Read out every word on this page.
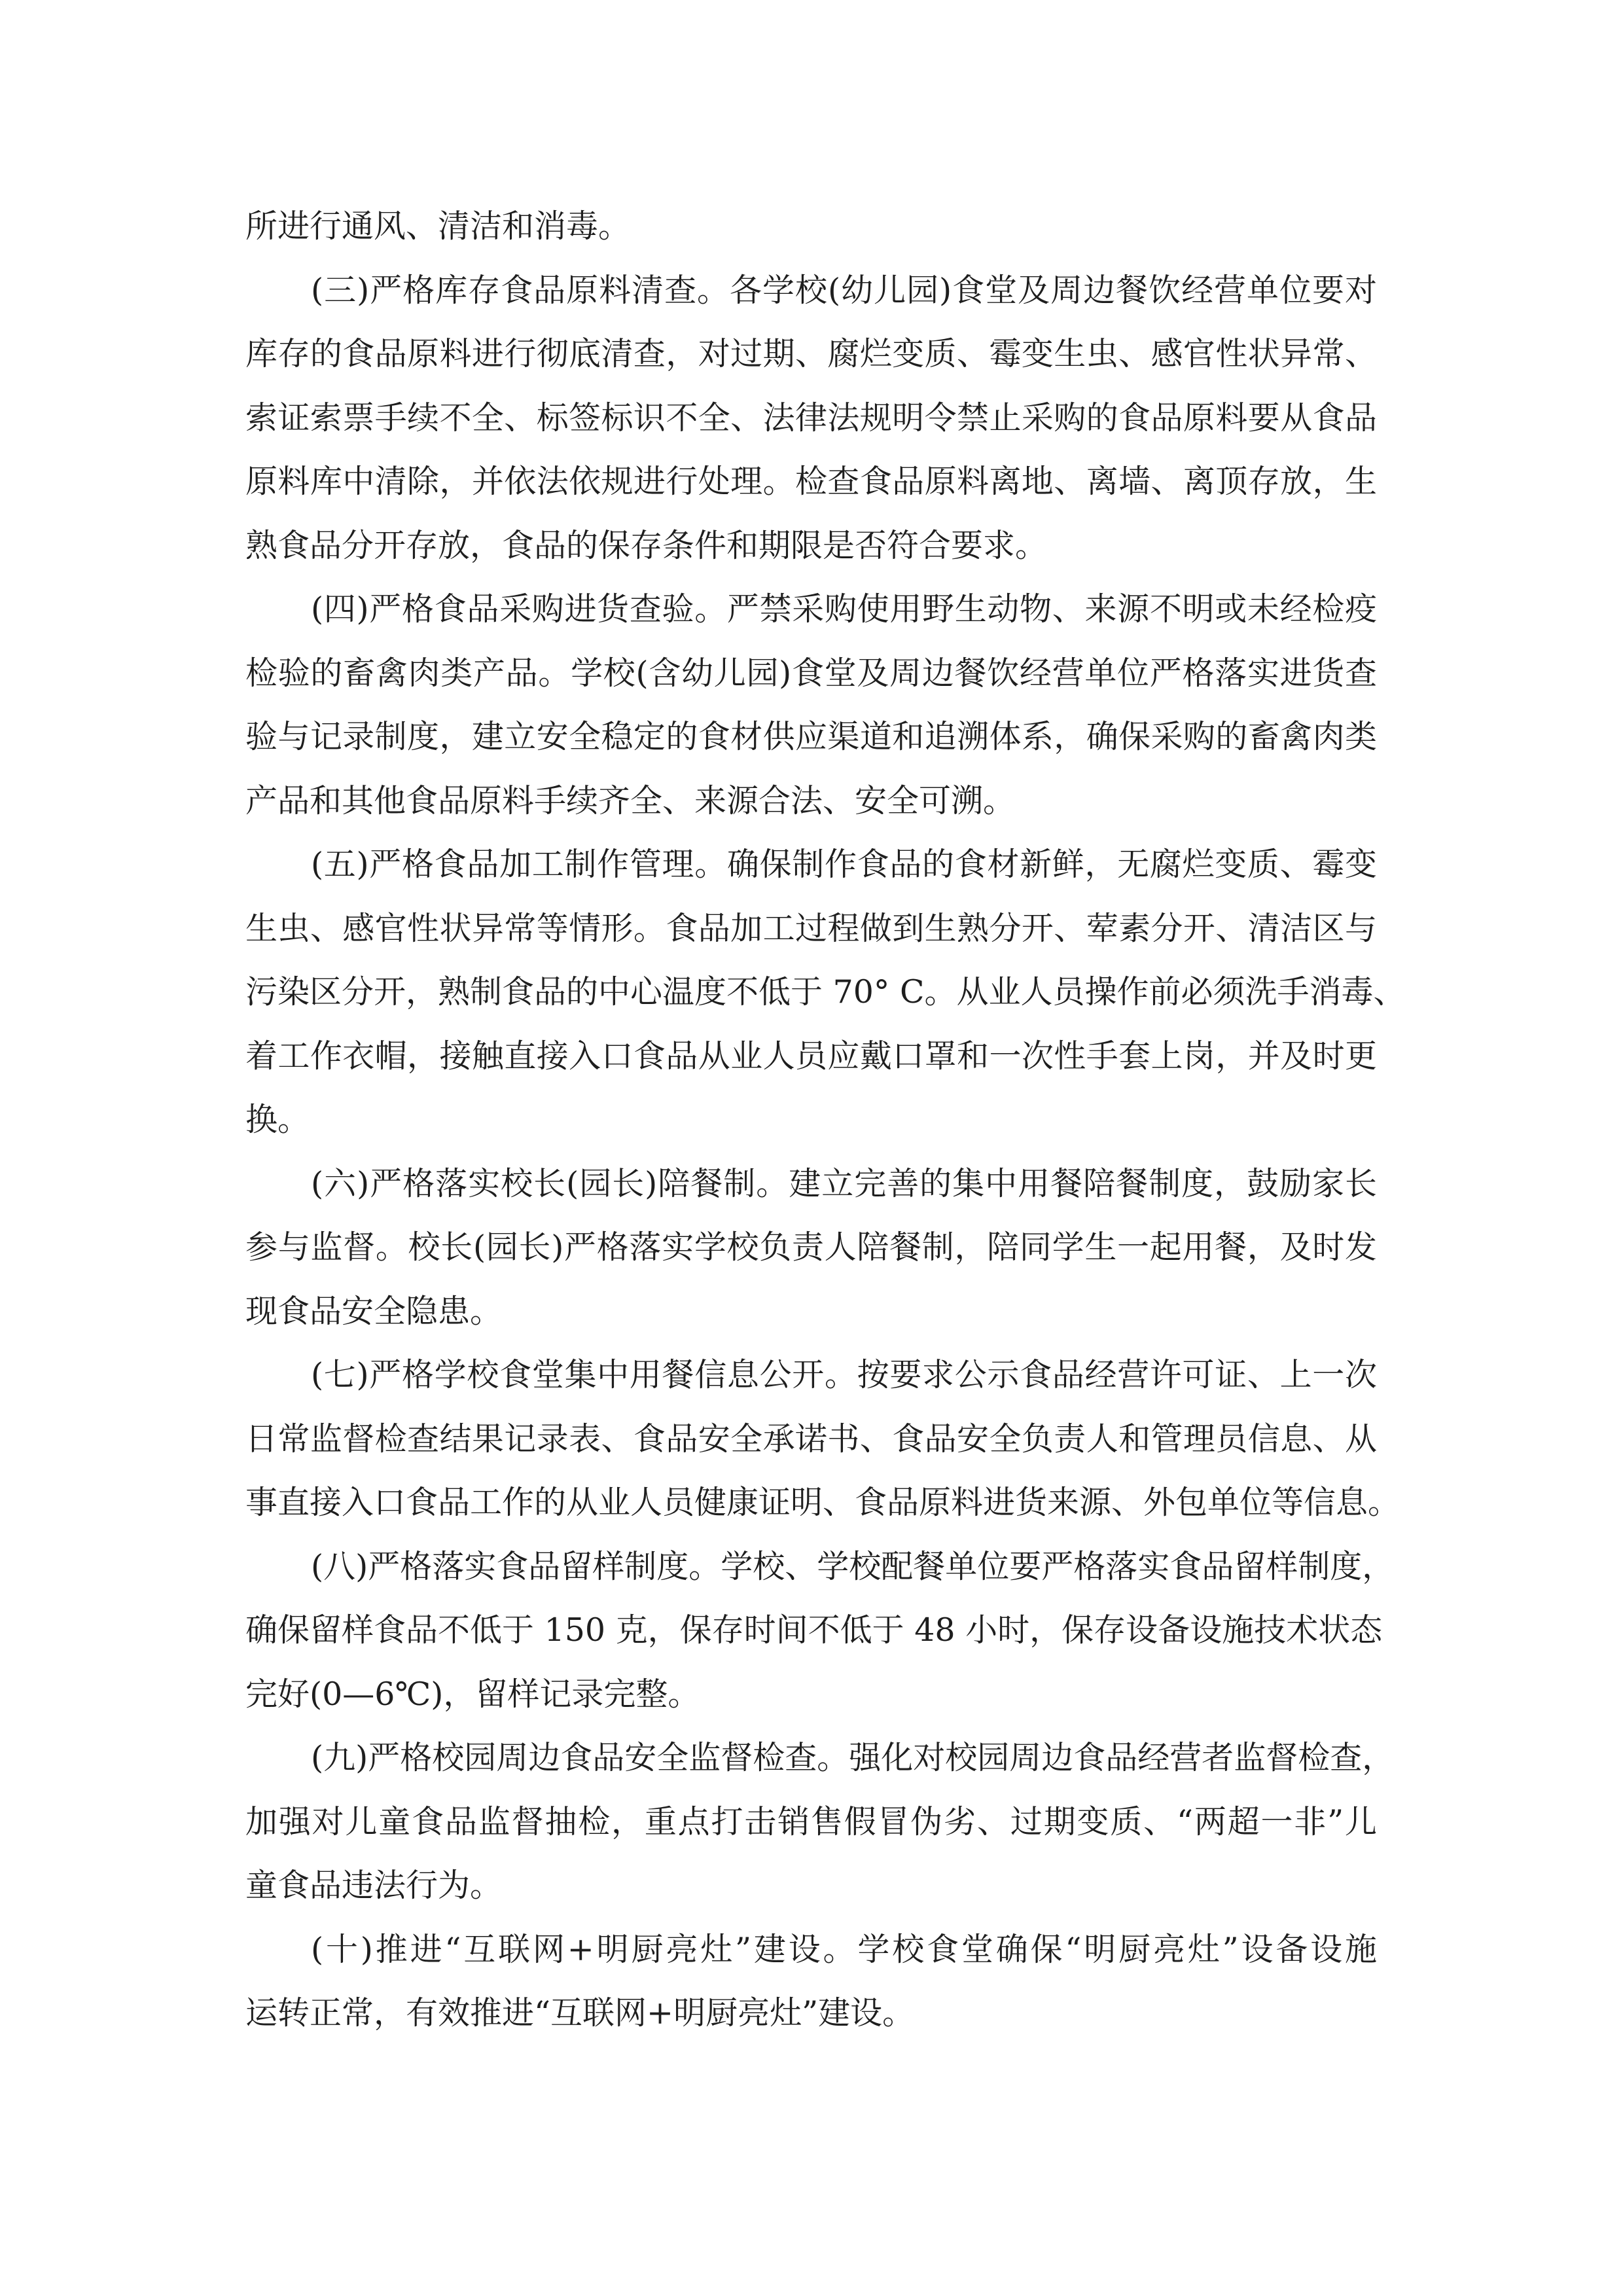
所进行通风、清洁和消毒。
(三)严格库存食品原料清查。各学校(幼儿园)食堂及周边餐饮经营单位要对
库存的食品原料进行彻底清查，对过期、腐烂变质、霉变生虫、感官性状异常、
索证索票手续不全、标签标识不全、法律法规明令禁止采购的食品原料要从食品
原料库中清除，并依法依规进行处理。检查食品原料离地、离墙、离顶存放，生
熟食品分开存放，食品的保存条件和期限是否符合要求。
(四)严格食品采购进货查验。严禁采购使用野生动物、来源不明或未经检疫
检验的畜禽肉类产品。学校(含幼儿园)食堂及周边餐饮经营单位严格落实进货查
验与记录制度，建立安全稳定的食材供应渠道和追溯体系，确保采购的畜禽肉类
产品和其他食品原料手续齐全、来源合法、安全可溯。
(五)严格食品加工制作管理。确保制作食品的食材新鲜，无腐烂变质、霉变
生虫、感官性状异常等情形。食品加工过程做到生熟分开、荤素分开、清洁区与
污染区分开，熟制食品的中心温度不低于 70° C。从业人员操作前必须洗手消毒、
着工作衣帽，接触直接入口食品从业人员应戴口罩和一次性手套上岗，并及时更
换。
(六)严格落实校长(园长)陪餐制。建立完善的集中用餐陪餐制度，鼓励家长
参与监督。校长(园长)严格落实学校负责人陪餐制，陪同学生一起用餐，及时发
现食品安全隐患。
(七)严格学校食堂集中用餐信息公开。按要求公示食品经营许可证、上一次
日常监督检查结果记录表、食品安全承诺书、食品安全负责人和管理员信息、从
事直接入口食品工作的从业人员健康证明、食品原料进货来源、外包单位等信息。
(八)严格落实食品留样制度。学校、学校配餐单位要严格落实食品留样制度，
确保留样食品不低于 150 克，保存时间不低于 48 小时，保存设备设施技术状态
完好(0—6℃)，留样记录完整。
(九)严格校园周边食品安全监督检查。强化对校园周边食品经营者监督检查，
加强对儿童食品监督抽检，重点打击销售假冒伪劣、过期变质、“两超一非”儿
童食品违法行为。
(十)推进“互联网+明厨亮灶”建设。学校食堂确保“明厨亮灶”设备设施
运转正常，有效推进“互联网+明厨亮灶”建设。
